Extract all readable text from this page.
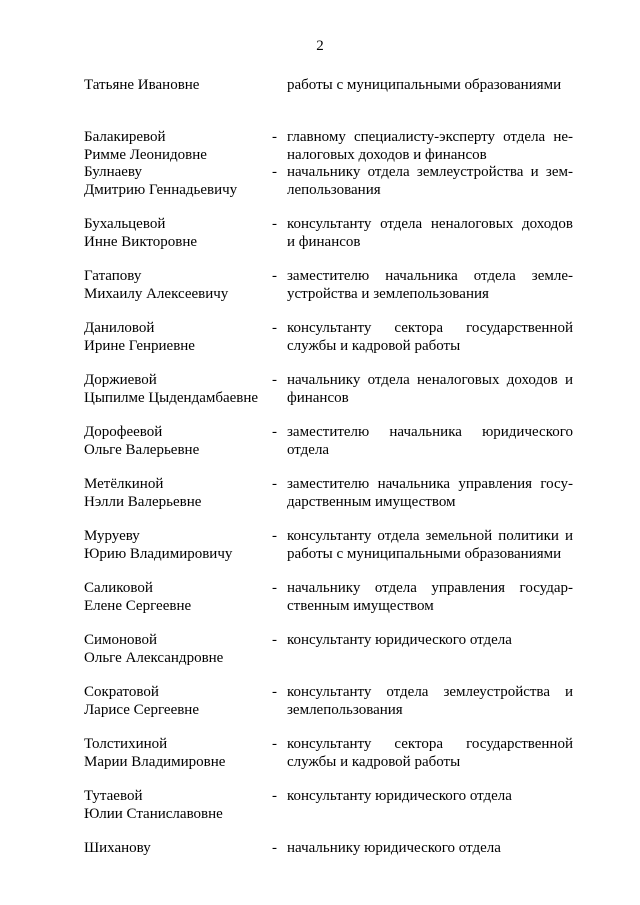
2
Татьяне Ивановне	работы с муниципальными образованиями
Балакиревой
Римме Леонидовне
- главному специалисту-эксперту отдела не-
налоговых доходов и финансов
Булнаеву
Дмитрию Геннадьевичу
- начальнику отдела землеустройства и зем-
лепользования
Бухальцевой
Инне Викторовне
- консультанту отдела неналоговых доходов
и финансов
Гатапову
Михаилу Алексеевичу
- заместителю начальника отдела земле-
устройства и землепользования
Даниловой
Ирине Генриевне
- консультанту сектора государственной
службы и кадровой работы
Доржиевой
Цыпилме Цыдендамбаевне
- начальнику отдела неналоговых доходов и
финансов
Дорофеевой
Ольге Валерьевне
- заместителю начальника юридического
отдела
Метёлкиной
Нэлли Валерьевне
- заместителю начальника управления госу-
дарственным имуществом
Муруеву
Юрию Владимировичу
- консультанту отдела земельной политики и
работы с муниципальными образованиями
Саликовой
Елене Сергеевне
- начальнику отдела управления государ-
ственным имуществом
Симоновой
Ольге Александровне
- консультанту юридического отдела
Сократовой
Ларисе Сергеевне
- консультанту отдела землеустройства и
землепользования
Толстихиной
Марии Владимировне
- консультанту сектора государственной
службы и кадровой работы
Тутаевой
Юлии Станиславовне
- консультанту юридического отдела
Шиханову	- начальнику юридического отдела
